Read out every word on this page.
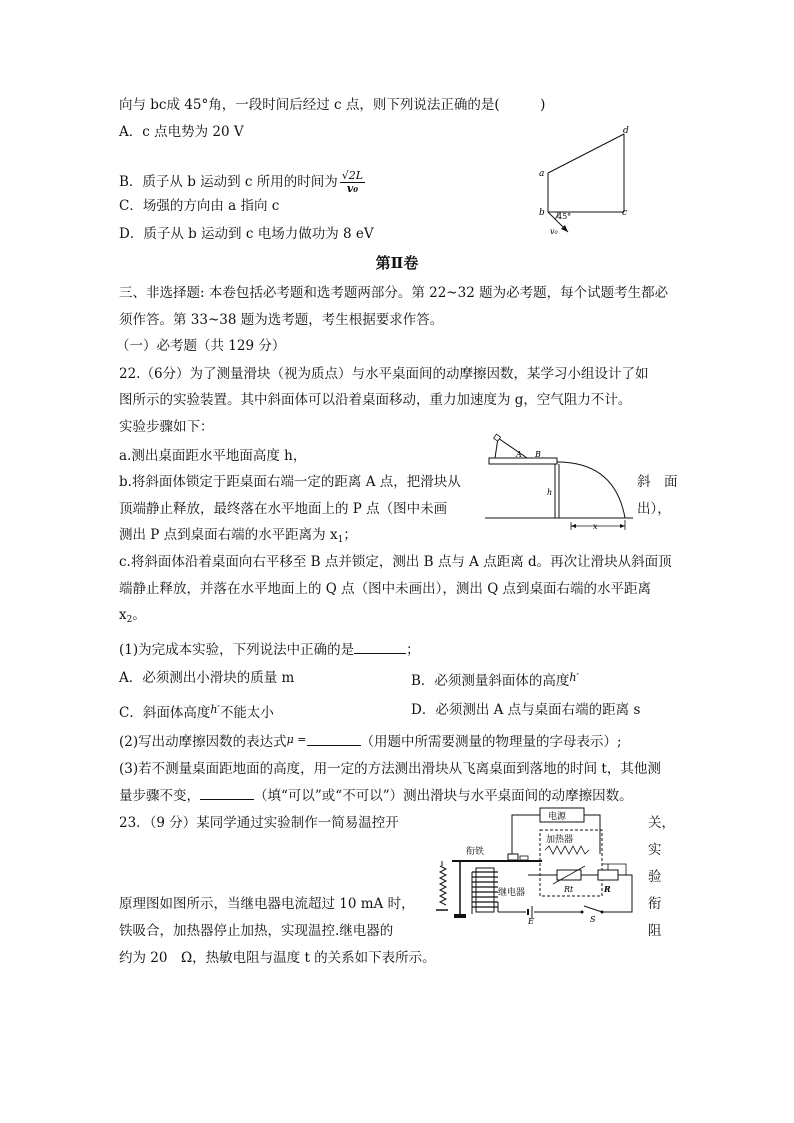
向与 bc成 45°角，一段时间后经过 c 点，则下列说法正确的是(　　　)
A．c 点电势为 20 V
B．质子从 b 运动到 c 所用的时间为 $\frac{√2L}{\text{v₀}}$
C．场强的方向由 a 指向 c
D．质子从 b 运动到 c 电场力做功为 8 eV
a
b	c
d
45°
v₀
第Ⅱ卷
三、非选择题: 本卷包括必考题和选考题两部分。第 22~32 题为必考题，每个试题考生都必
须作答。第 33~38 题为选考题，考生根据要求作答。
（一）必考题（共 129 分）
22.（6分）为了测量滑块（视为质点）与水平桌面间的动摩擦因数，某学习小组设计了如
图所示的实验装置。其中斜面体可以沿着桌面移动，重力加速度为 g，空气阻力不计。
实验步骤如下：
a.测出桌面距水平地面高度 h，
b.将斜面体锁定于距桌面右端一定的距离 A 点，把滑块从	斜　面
顶端静止释放，最终落在水平地面上的 P 点（图中未画	出），
测出 P 点到桌面右端的水平距离为 $x_1$；
c.将斜面体沿着桌面向右平移至 B 点并锁定，测出 B 点与 A 点距离 d。再次让滑块从斜面顶
端静止释放，并落在水平地面上的 Q 点（图中未画出），测出 Q 点到桌面右端的水平距离
$x_2$。
x
A B
h
(1)为完成本实验，下列说法中正确的是	；
A．必须测出小滑块的质量 m	B．必须测量斜面体的高度$^{h'}$
C．斜面体高度$^{h'}$不能太小	D．必须测出 A 点与桌面右端的距离 s
(2)写出动摩擦因数的表达式$^{\mu =}$	（用题中所需要测量的物理量的字母表示）;
(3)若不测量桌面距地面的高度，用一定的方法测出滑块从飞离桌面到落地的时间 t，其他测
量步骤不变，	（填“可以”或“不可以”）测出滑块与水平桌面间的动摩擦因数。
23．（9 分）某同学通过实验制作一简易温控开	关，
实
验
原理图如图所示，当继电器电流超过 10 mA 时，	衔
铁吸合，加热器停止加热，实现温控.继电器的	阻
约为 20　Ω，热敏电阻与温度 t 的关系如下表所示。
电源
衔铁
加热器
Rt	R
S
E
继电器
